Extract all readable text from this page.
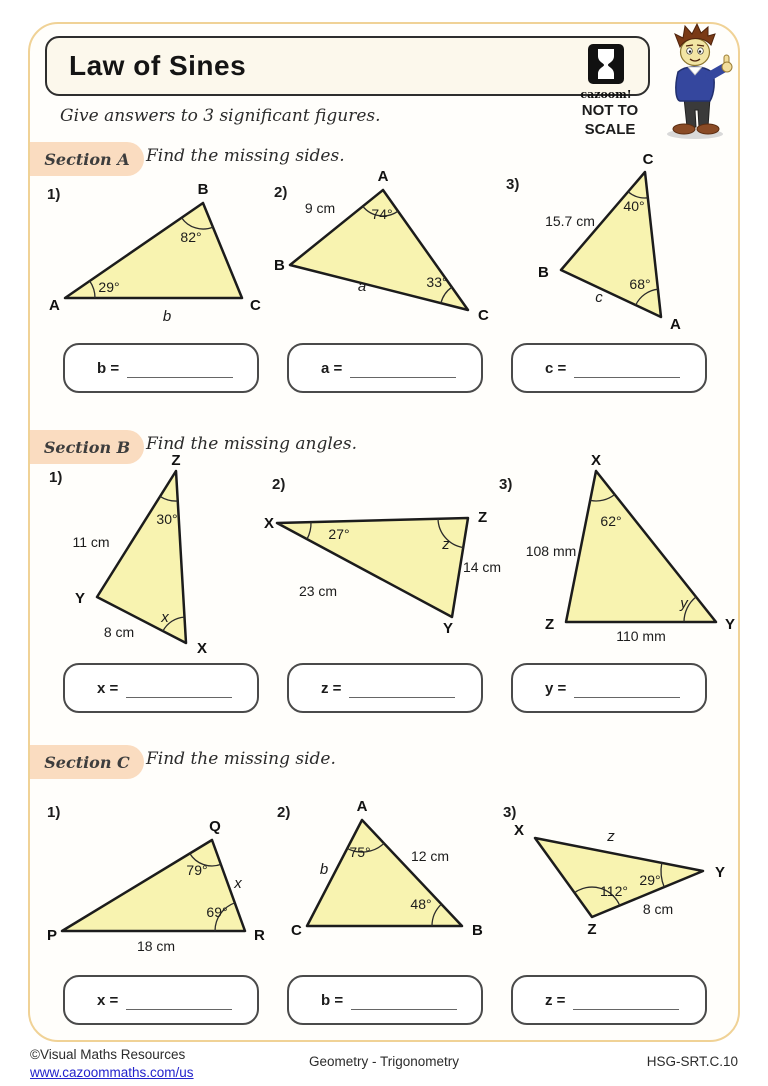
Law of Sines
cazoom!
NOT TO
SCALE
Give answers to 3 significant figures.
Section A Find the missing sides.
1)
A
B
C
29°
82°
b
2)
A
B
C
9 cm	74°
33°
a
3)
C
B
A
15.7 cm
40°
68°
c
b =	a =	c =
Section B Find the missing angles.
1)
Z
Y
X
11 cm
30°
x
8 cm
2)
X	Z
Y
27°
z
23 cm
14 cm
3)
X
Z	Y
108 mm
62°
y
110 mm
x =	z =	y =
Section C Find the missing side.
1)
P
Q
R
79°
x
69°
18 cm
2)	A
C	B
b
75°	12 cm
48°
3)
X
Y
Z
z
29°
112°
8 cm
x =	b =	z =
©Visual Maths Resources
www.cazoommaths.com/us
Geometry - Trigonometry	HSG-SRT.C.10
